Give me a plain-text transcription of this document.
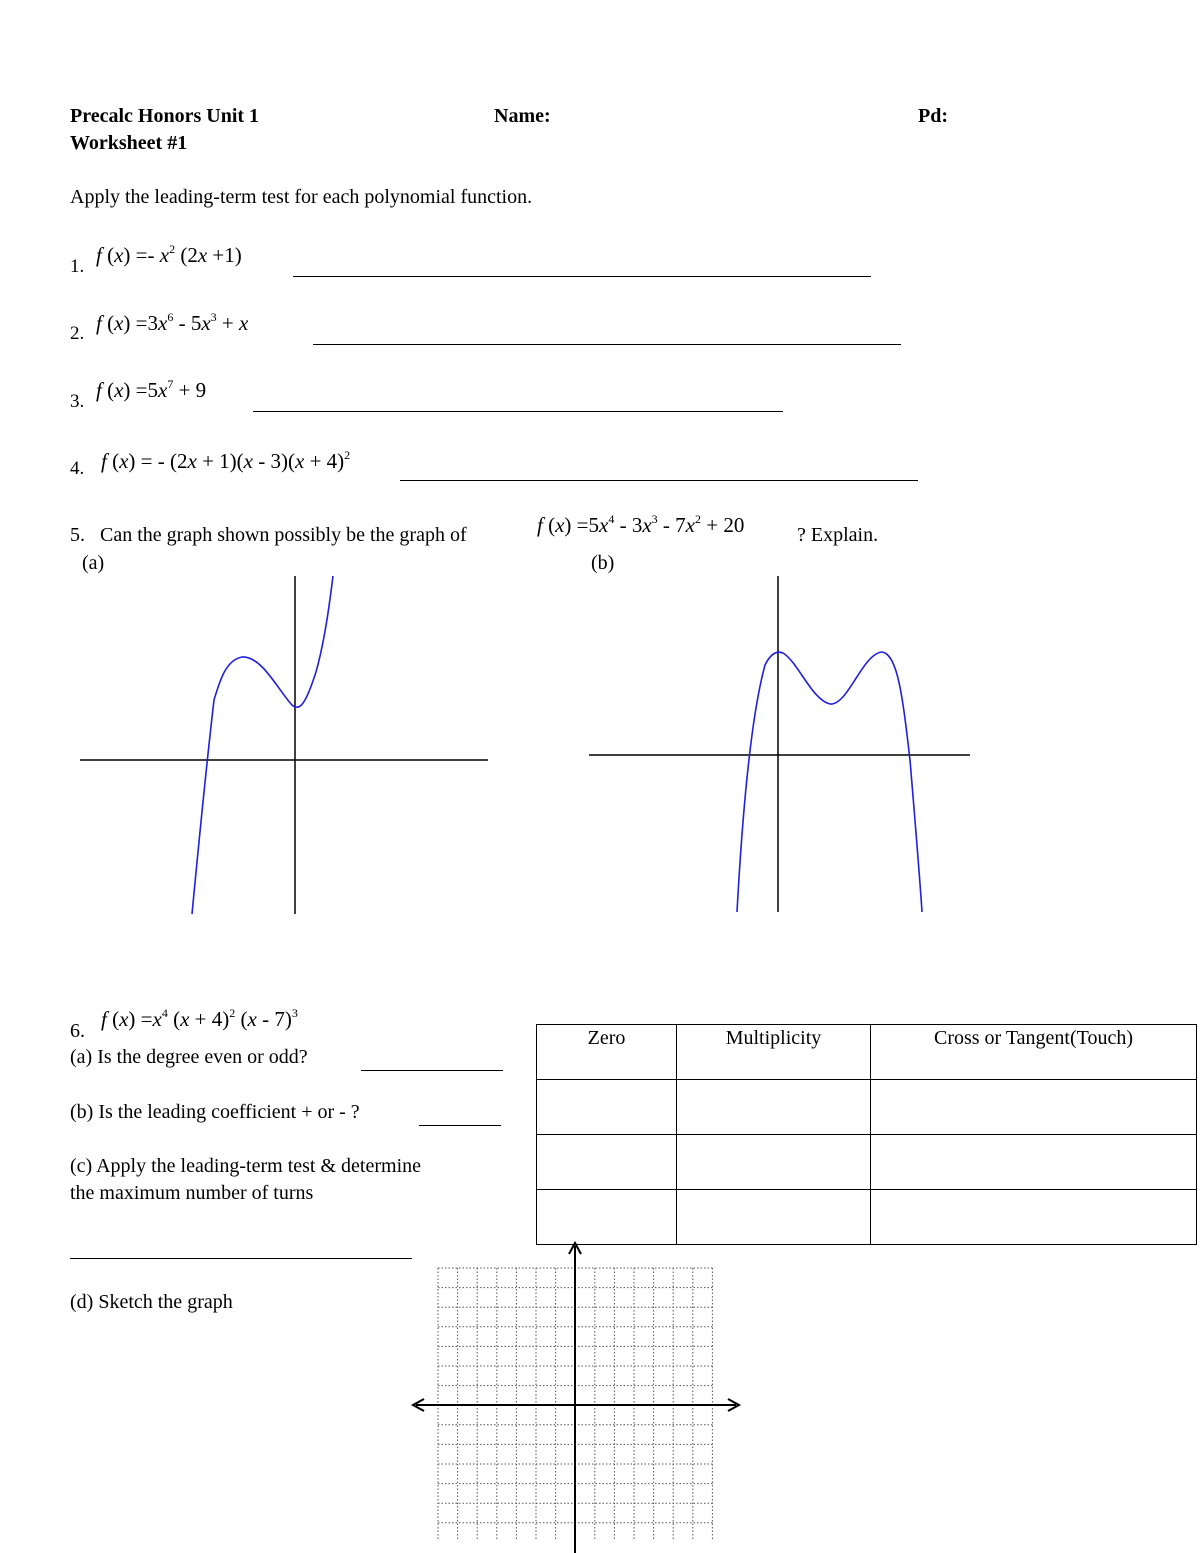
Precalc Honors Unit 1
Worksheet #1
Name:	Pd:
Apply the leading-term test for each polynomial function.
1. f $(x) =- x^2$ (2x +1)
2. f $(x) =3x^6 - 5x^3 + x$
3. f $(x) =5x^7 + 9$
4. f (x) = - $(2x + 1)(x - 3)(x + 4)^2$
5. Can the graph shown possibly be the graph of	f $(x) =5x^4 - 3x^3 - 7x^2 + 20$	? Explain.
(a)	(b)
6. f $(x) =x^4$ $(x + 4)^2$ (x - 7)$^3$
(a) Is the degree even or odd?
(b) Is the leading coefficient + or - ?
(c) Apply the leading-term test & determine
the maximum number of turns
(d) Sketch the graph
Zero	Multiplicity	Cross or Tangent(Touch)
